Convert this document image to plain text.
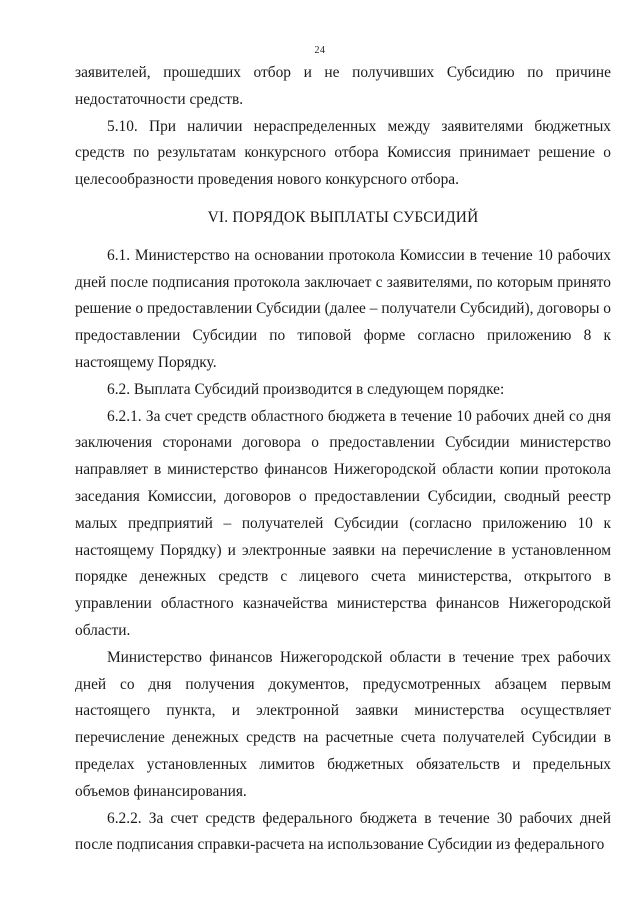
24

заявителей, прошедших отбор и не получивших Субсидию по причине недостаточности средств.

5.10. При наличии нераспределенных между заявителями бюджетных средств по результатам конкурсного отбора Комиссия принимает решение о целесообразности проведения нового конкурсного отбора.

VI. ПОРЯДОК ВЫПЛАТЫ СУБСИДИЙ

6.1. Министерство на основании протокола Комиссии в течение 10 рабочих дней после подписания протокола заключает с заявителями, по которым принято решение о предоставлении Субсидии (далее – получатели Субсидий), договоры о предоставлении Субсидии по типовой форме согласно приложению 8 к настоящему Порядку.

6.2. Выплата Субсидий производится в следующем порядке:

6.2.1. За счет средств областного бюджета в течение 10 рабочих дней со дня заключения сторонами договора о предоставлении Субсидии министерство направляет в министерство финансов Нижегородской области копии протокола заседания Комиссии, договоров о предоставлении Субсидии, сводный реестр малых предприятий – получателей Субсидии (согласно приложению 10 к настоящему Порядку) и электронные заявки на перечисление в установленном порядке денежных средств с лицевого счета министерства, открытого в управлении областного казначейства министерства финансов Нижегородской области.

Министерство финансов Нижегородской области в течение трех рабочих дней со дня получения документов, предусмотренных абзацем первым настоящего пункта, и электронной заявки министерства осуществляет перечисление денежных средств на расчетные счета получателей Субсидии в пределах установленных лимитов бюджетных обязательств и предельных объемов финансирования.

6.2.2. За счет средств федерального бюджета в течение 30 рабочих дней после подписания справки-расчета на использование Субсидии из федерального
